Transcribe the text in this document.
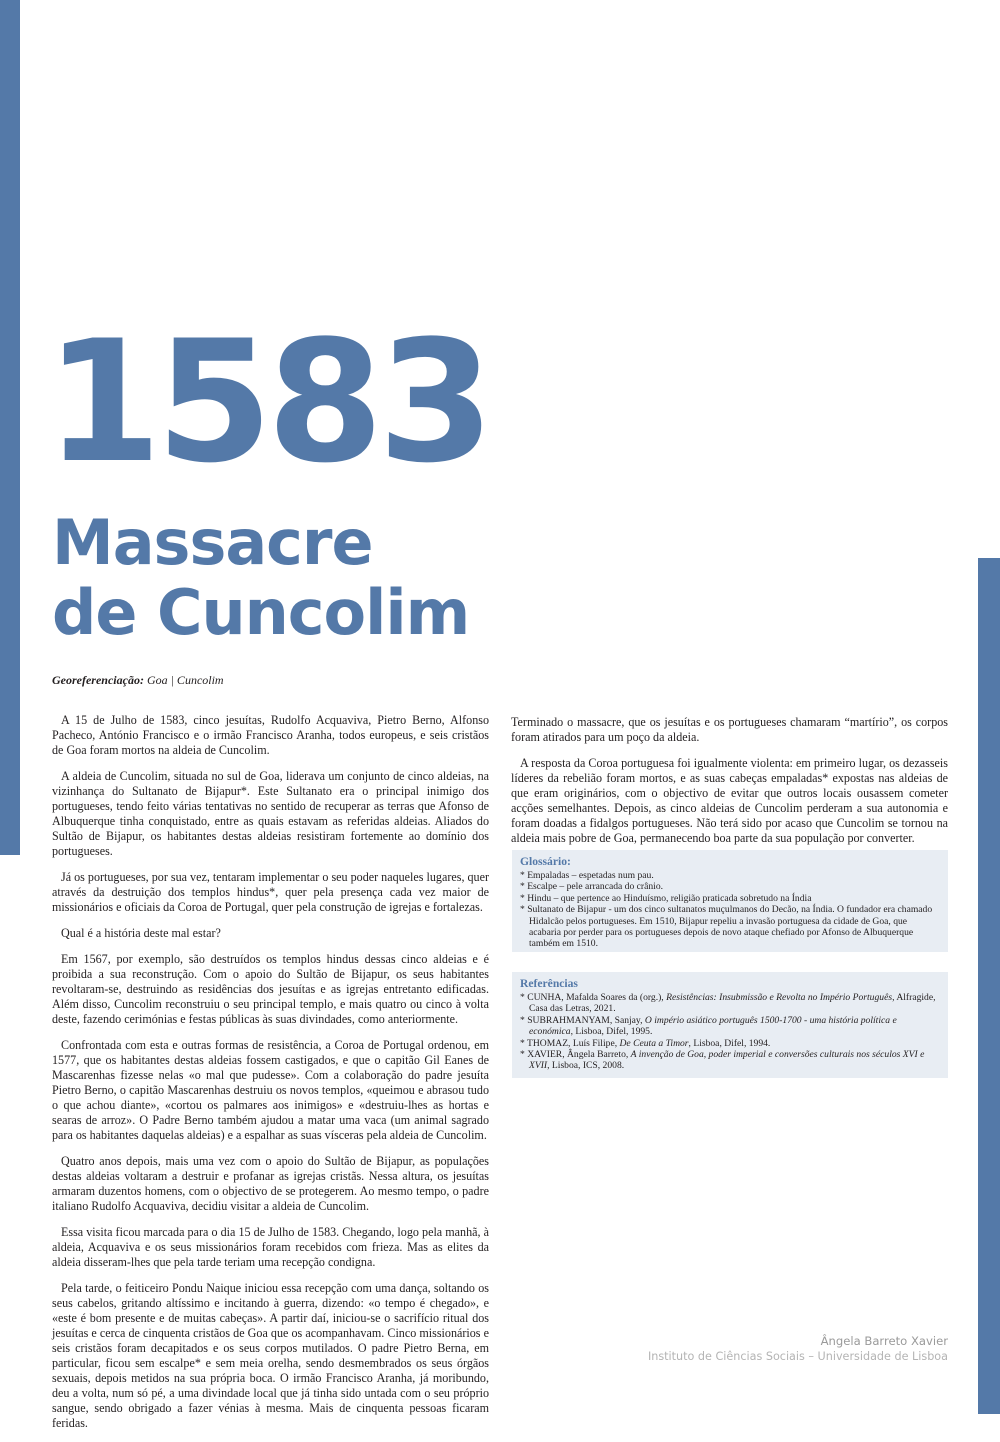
1583
Massacre
de Cuncolim
Georeferenciação: Goa | Cuncolim

A 15 de Julho de 1583, cinco jesuítas, Rudolfo Acquaviva, Pietro Berno, Alfonso Pacheco, António Francisco e o irmão Francisco Aranha, todos europeus, e seis cristãos de Goa foram mortos na aldeia de Cuncolim.

A aldeia de Cuncolim, situada no sul de Goa, liderava um conjunto de cinco aldeias, na vizinhança do Sultanato de Bijapur*. Este Sultanato era o principal inimigo dos portugueses, tendo feito várias tentativas no sentido de recuperar as terras que Afonso de Albuquerque tinha conquistado, entre as quais estavam as referidas aldeias. Aliados do Sultão de Bijapur, os habitantes destas aldeias resistiram fortemente ao domínio dos portugueses.

Já os portugueses, por sua vez, tentaram implementar o seu poder naqueles lugares, quer através da destruição dos templos hindus*, quer pela presença cada vez maior de missionários e oficiais da Coroa de Portugal, quer pela construção de igrejas e fortalezas.

Qual é a história deste mal estar?

Em 1567, por exemplo, são destruídos os templos hindus dessas cinco aldeias e é proibida a sua reconstrução. Com o apoio do Sultão de Bijapur, os seus habitantes revoltaram-se, destruindo as residências dos jesuítas e as igrejas entretanto edificadas. Além disso, Cuncolim reconstruiu o seu principal templo, e mais quatro ou cinco à volta deste, fazendo cerimónias e festas públicas às suas divindades, como anteriormente.

Confrontada com esta e outras formas de resistência, a Coroa de Portugal ordenou, em 1577, que os habitantes destas aldeias fossem castigados, e que o capitão Gil Eanes de Mascarenhas fizesse nelas «o mal que pudesse». Com a colaboração do padre jesuíta Pietro Berno, o capitão Mascarenhas destruiu os novos templos, «queimou e abrasou tudo o que achou diante», «cortou os palmares aos inimigos» e «destruiu-lhes as hortas e searas de arroz». O Padre Berno também ajudou a matar uma vaca (um animal sagrado para os habitantes daquelas aldeias) e a espalhar as suas vísceras pela aldeia de Cuncolim.

Quatro anos depois, mais uma vez com o apoio do Sultão de Bijapur, as populações destas aldeias voltaram a destruir e profanar as igrejas cristãs. Nessa altura, os jesuítas armaram duzentos homens, com o objectivo de se protegerem. Ao mesmo tempo, o padre italiano Rudolfo Acquaviva, decidiu visitar a aldeia de Cuncolim.

Essa visita ficou marcada para o dia 15 de Julho de 1583. Chegando, logo pela manhã, à aldeia, Acquaviva e os seus missionários foram recebidos com frieza. Mas as elites da aldeia disseram-lhes que pela tarde teriam uma recepção condigna.

Pela tarde, o feiticeiro Pondu Naique iniciou essa recepção com uma dança, soltando os seus cabelos, gritando altíssimo e incitando à guerra, dizendo: «o tempo é chegado», e «este é bom presente e de muitas cabeças». A partir daí, iniciou-se o sacrifício ritual dos jesuítas e cerca de cinquenta cristãos de Goa que os acompanhavam. Cinco missionários e seis cristãos foram decapitados e os seus corpos mutilados. O padre Pietro Berna, em particular, ficou sem escalpe* e sem meia orelha, sendo desmembrados os seus órgãos sexuais, depois metidos na sua própria boca. O irmão Francisco Aranha, já moribundo, deu a volta, num só pé, a uma divindade local que já tinha sido untada com o seu próprio sangue, sendo obrigado a fazer vénias à mesma. Mais de cinquenta pessoas ficaram feridas.

Terminado o massacre, que os jesuítas e os portugueses chamaram “martírio”, os corpos foram atirados para um poço da aldeia.

A resposta da Coroa portuguesa foi igualmente violenta: em primeiro lugar, os dezasseis líderes da rebelião foram mortos, e as suas cabeças empaladas* expostas nas aldeias de que eram originários, com o objectivo de evitar que outros locais ousassem cometer acções semelhantes. Depois, as cinco aldeias de Cuncolim perderam a sua autonomia e foram doadas a fidalgos portugueses. Não terá sido por acaso que Cuncolim se tornou na aldeia mais pobre de Goa, permanecendo boa parte da sua população por converter.

Glossário:
* Empaladas – espetadas num pau.
* Escalpe – pele arrancada do crânio.
* Hindu – que pertence ao Hinduísmo, religião praticada sobretudo na Índia
* Sultanato de Bijapur - um dos cinco sultanatos muçulmanos do Decão, na Índia. O fundador era chamado Hidalcão pelos portugueses. Em 1510, Bijapur repeliu a invasão portuguesa da cidade de Goa, que acabaria por perder para os portugueses depois de novo ataque chefiado por Afonso de Albuquerque também em 1510.
Referências
* CUNHA, Mafalda Soares da (org.), Resistências: Insubmissão e Revolta no Império Português, Alfragide, Casa das Letras, 2021.
* SUBRAHMANYAM, Sanjay, O império asiático português 1500-1700 - uma história política e económica, Lisboa, Difel, 1995.
* THOMAZ, Luís Filipe, De Ceuta a Timor, Lisboa, Difel, 1994.
* XAVIER, Ângela Barreto, A invenção de Goa, poder imperial e conversões culturais nos séculos XVI e XVII, Lisboa, ICS, 2008.
Ângela Barreto Xavier
Instituto de Ciências Sociais – Universidade de Lisboa
